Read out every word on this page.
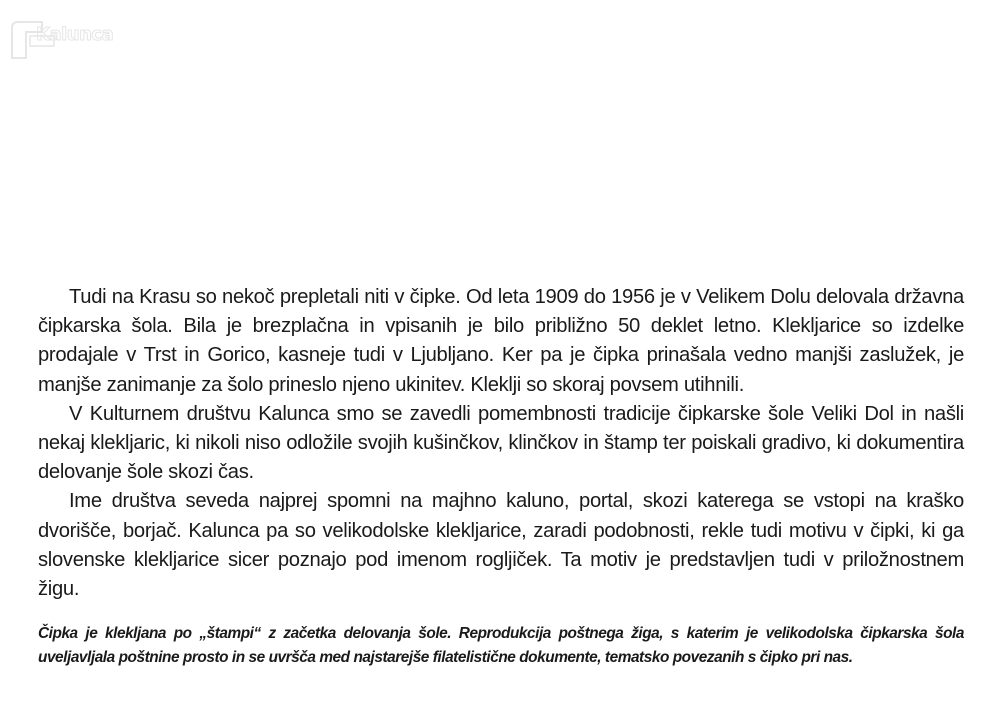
Kalunca

Tudi na Krasu so nekoč prepletali niti v čipke. Od leta 1909 do 1956 je v Velikem Dolu delovala državna čipkarska šola. Bila je brezplačna in vpisanih je bilo približno 50 deklet letno. Klekljarice so izdelke prodajale v Trst in Gorico, kasneje tudi v Ljubljano. Ker pa je čipka prinašala vedno manjši zaslužek, je manjše zanimanje za šolo prineslo njeno ukinitev. Klekljі so skoraj povsem utihnili.

V Kulturnem društvu Kalunca smo se zavedli pomembnosti tradicije čipkarske šole Veliki Dol in našli nekaj klekljaric, ki nikoli niso odložile svojih kušinčkov, klinčkov in štamp ter poiskali gradivo, ki dokumentira delovanje šole skozi čas.

Ime društva seveda najprej spomni na majhno kaluno, portal, skozi katerega se vstopi na kraško dvorišče, borjač. Kalunca pa so velikodolske klekljarice, zaradi podobnosti, rekle tudi motivu v čipki, ki ga slovenske klekljarice sicer poznajo pod imenom rogljiček. Ta motiv je predstavljen tudi v priložnostnem žigu.

Čipka je klekljana po „štampi“ z začetka delovanja šole. Reprodukcija poštnega žiga, s katerim je velikodolska čipkarska šola uveljavljala poštnine prosto in se uvršča med najstarejše filatelistične dokumente, tematsko povezanih s čipko pri nas.
